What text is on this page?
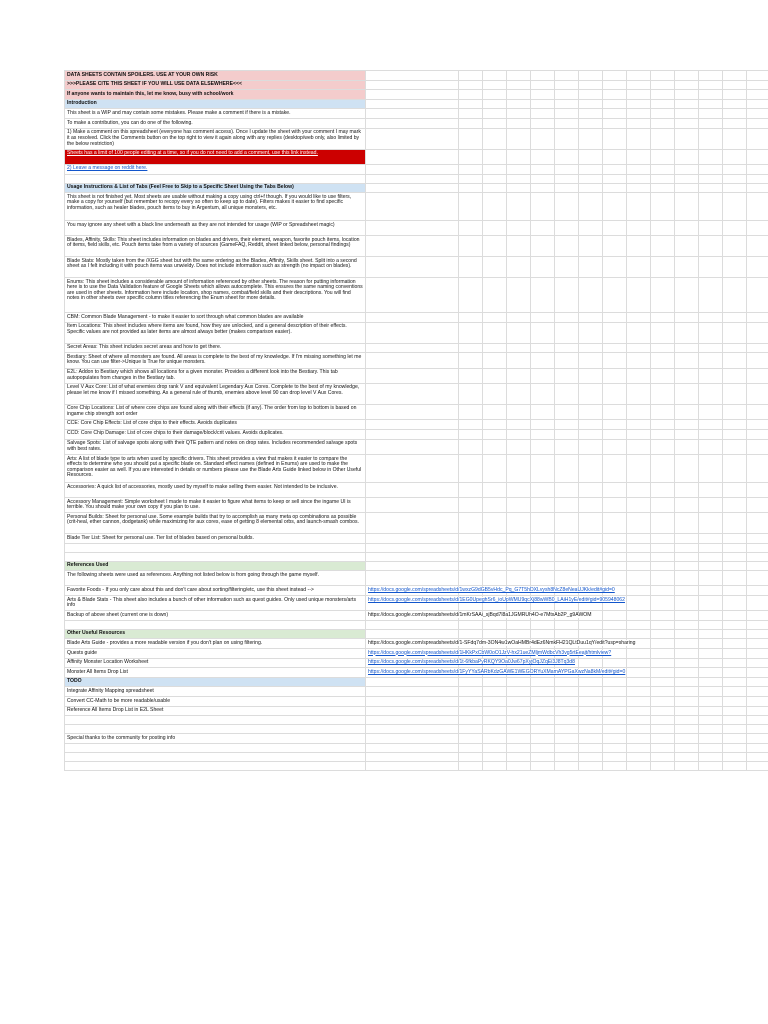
DATA SHEETS CONTAIN SPOILERS. USE AT YOUR OWN RISK															
>>>PLEASE CITE THIS SHEET IF YOU WILL USE DATA ELSEWHERE<<<															
If anyone wants to maintain this, let me know, busy with school/work															
Introduction															
This sheet is a WIP and may contain some mistakes. Please make a comment if there is a mistake.															
To make a contribution, you can do one of the following.															
1) Make a comment on this spreadsheet (everyone has comment access). Once I update the sheet with your comment I may mark it as resolved. Click the Comments button on the top right to view it again along with any replies (desktop/web only, also limited by the below restriction)															
Sheets has a limit of 100 people editing at a time, so if you do not need to add a comment, use this link instead.															
2) Leave a message on reddit here.															

Usage Instructions & List of Tabs (Feel Free to Skip to a Specific Sheet Using the Tabs Below)															
This sheet is not finished yet. Most sheets are usable without making a copy using ctrl+f though. If you would like to use filters, make a copy for yourself (but remember to recopy every so often to keep up to date). Filters makes it easier to find specific information, such as healer blades, pouch items to buy in Argentum, all unique monsters, etc.															
You may ignore any sheet with a black line underneath as they are not intended for usage (WIP or Spreadsheet magic)															
Blades, Affinity, Skills: This sheet includes information on blades and drivers, their element, weapon, favorite pouch items, location of items, field skills, etc. Pouch items take from a variety of sources (GameFAQ, Reddit, sheet linked below, personal findings)															
Blade Stats: Mostly taken from the /XGG sheet but with the same ordering as the Blades, Affinity, Skills sheet. Split into a second sheet as I felt including it with pouch items was unwieldy. Does not include information such as strength (no impact on blades).															
Enums: This sheet includes a considerable amount of information referenced by other sheets. The reason for putting information here is to use the Data Validation feature of Google Sheets which allows autocomplete. This ensures the same naming conventions are used in other sheets. Information here include location, shop names, combat/field skills and their descriptions. You will find notes in other sheets over specific column titles referencing the Enum sheet for more details.															
CBM: Common Blade Management - to make it easier to sort through what common blades are available															
Item Locations: This sheet includes where items are found, how they are unlocked, and a general description of their effects. Specific values are not provided as later items are almost always better (makes comparison easier).															
Secret Areas: This sheet includes secret areas and how to get there.															
Bestiary: Sheet of where all monsters are found. All areas is complete to the best of my knowledge. If I'm missing something let me know. You can use filter->Unique is True for unique monsters.															
E2L: Addon to Bestiary which shows all locations for a given monster. Provides a different look into the Bestiary. This tab autopopulates from changes in the Bestiary tab.															
Level V Aux Core: List of what enemies drop rank V and equivalent Legendary Aux Cores. Complete to the best of my knowledge, please let me know if I missed something. As a general rule of thumb, enemies above level 90 can drop level V Aux Cores.															
Core Chip Locations: List of where core chips are found along with their effects (if any). The order from top to bottom is based on ingame chip strength sort order															
CCE: Core Chip Effects: List of core chips to their effects. Avoids duplicates															
CCD: Core Chip Damage: List of core chips to their damage/block/crit values. Avoids duplicates.															
Salvage Spots: List of salvage spots along with their QTE pattern and notes on drop rates. Includes recommended salvage spots with best rates.															
Arts: A list of blade type to arts when used by specific drivers. This sheet provides a view that makes it easier to compare the effects to determine who you should put a specific blade on. Standard effect names (defined in Enums) are used to make the comparison easier as well. If you are interested in details or numbers please use the Blade Arts Guide linked below in Other Useful Resources.															
Accessories: A quick list of accessories, mostly used by myself to make selling them easier. Not intended to be inclusive.															
Accessory Management: Simple worksheet I made to make it easier to figure what items to keep or sell since the ingame UI is terrible. You should make your own copy if you plan to use.															
Personal Builds: Sheet for personal use. Some example builds that try to accomplish as many meta op combinations as possible (crit-heal, ether cannon, dodgetank) while maximizing for aux cores, ease of getting 8 elemental orbs, and launch-smash combos.															
Blade Tier List: Sheet for personal use. Tier list of blades based on personal builds.															

References Used															
The following sheets were used as references. Anything not listed below is from going through the game myself.															
Favorite Foods - If you only care about this and don't care about sorting/filtering/etc, use this sheet instead -->	https://docs.google.com/spreadsheets/d/1wxzG9dGB5vHdc_Pq_G7T5hDXLvysh8NcZ8eNeaUJKk/edit#gid=0														
Arts & Blade Stats - This sheet also includes a bunch of other information such as quest guides. Only used unique monsters/arts info	https://docs.google.com/spreadsheets/d/1EG0UpeghSr6_ioUpWMU9qcXj88wWB0_LAiH1yE/edit#gid=905948062														
Backup of above sheet (current one is down)	https://docs.google.com/spreadsheets/d/1mKrSAAi_sjBqd7l8a1JGMRUh4O-e7MtxAb2P_g9AWOM														

Other Useful Resources															
Blade Arts Guide - provides a more readable version if you don't plan on using filtering.	https://docs.google.com/spreadsheets/d/1-SFdq7dm-3ON4w1wOaHMBr4dEz6NmkFH21QLtDuu1qY/edit?usp=sharing														
Quests guide	https://docs.google.com/spreadsheets/d/1HKkPxCbW0oO1JzV-hx21ueZMljmWdbcVh3vg5rtEeajt/htmlview?														
Affinity Monster Location Worksheet	https://docs.google.com/spreadsheets/d/1t-6fkbaPyRKQY9Oa0Jw67pXyjOqJZqEi3J8Tq3d8														
Monster All Items Drop List	https://docs.google.com/spreadsheets/d/1FyYYaSARbKdzGAWE1WEGORYuXMamAYPGaXwzNa8kM/edit#gid=0														
TODO															
Integrate Affinity Mapping spreadsheet															
Convert CC-Math to be more readable/usable															
Reference All Items Drop List in E2L Sheet															

Special thanks to the community for posting info															
